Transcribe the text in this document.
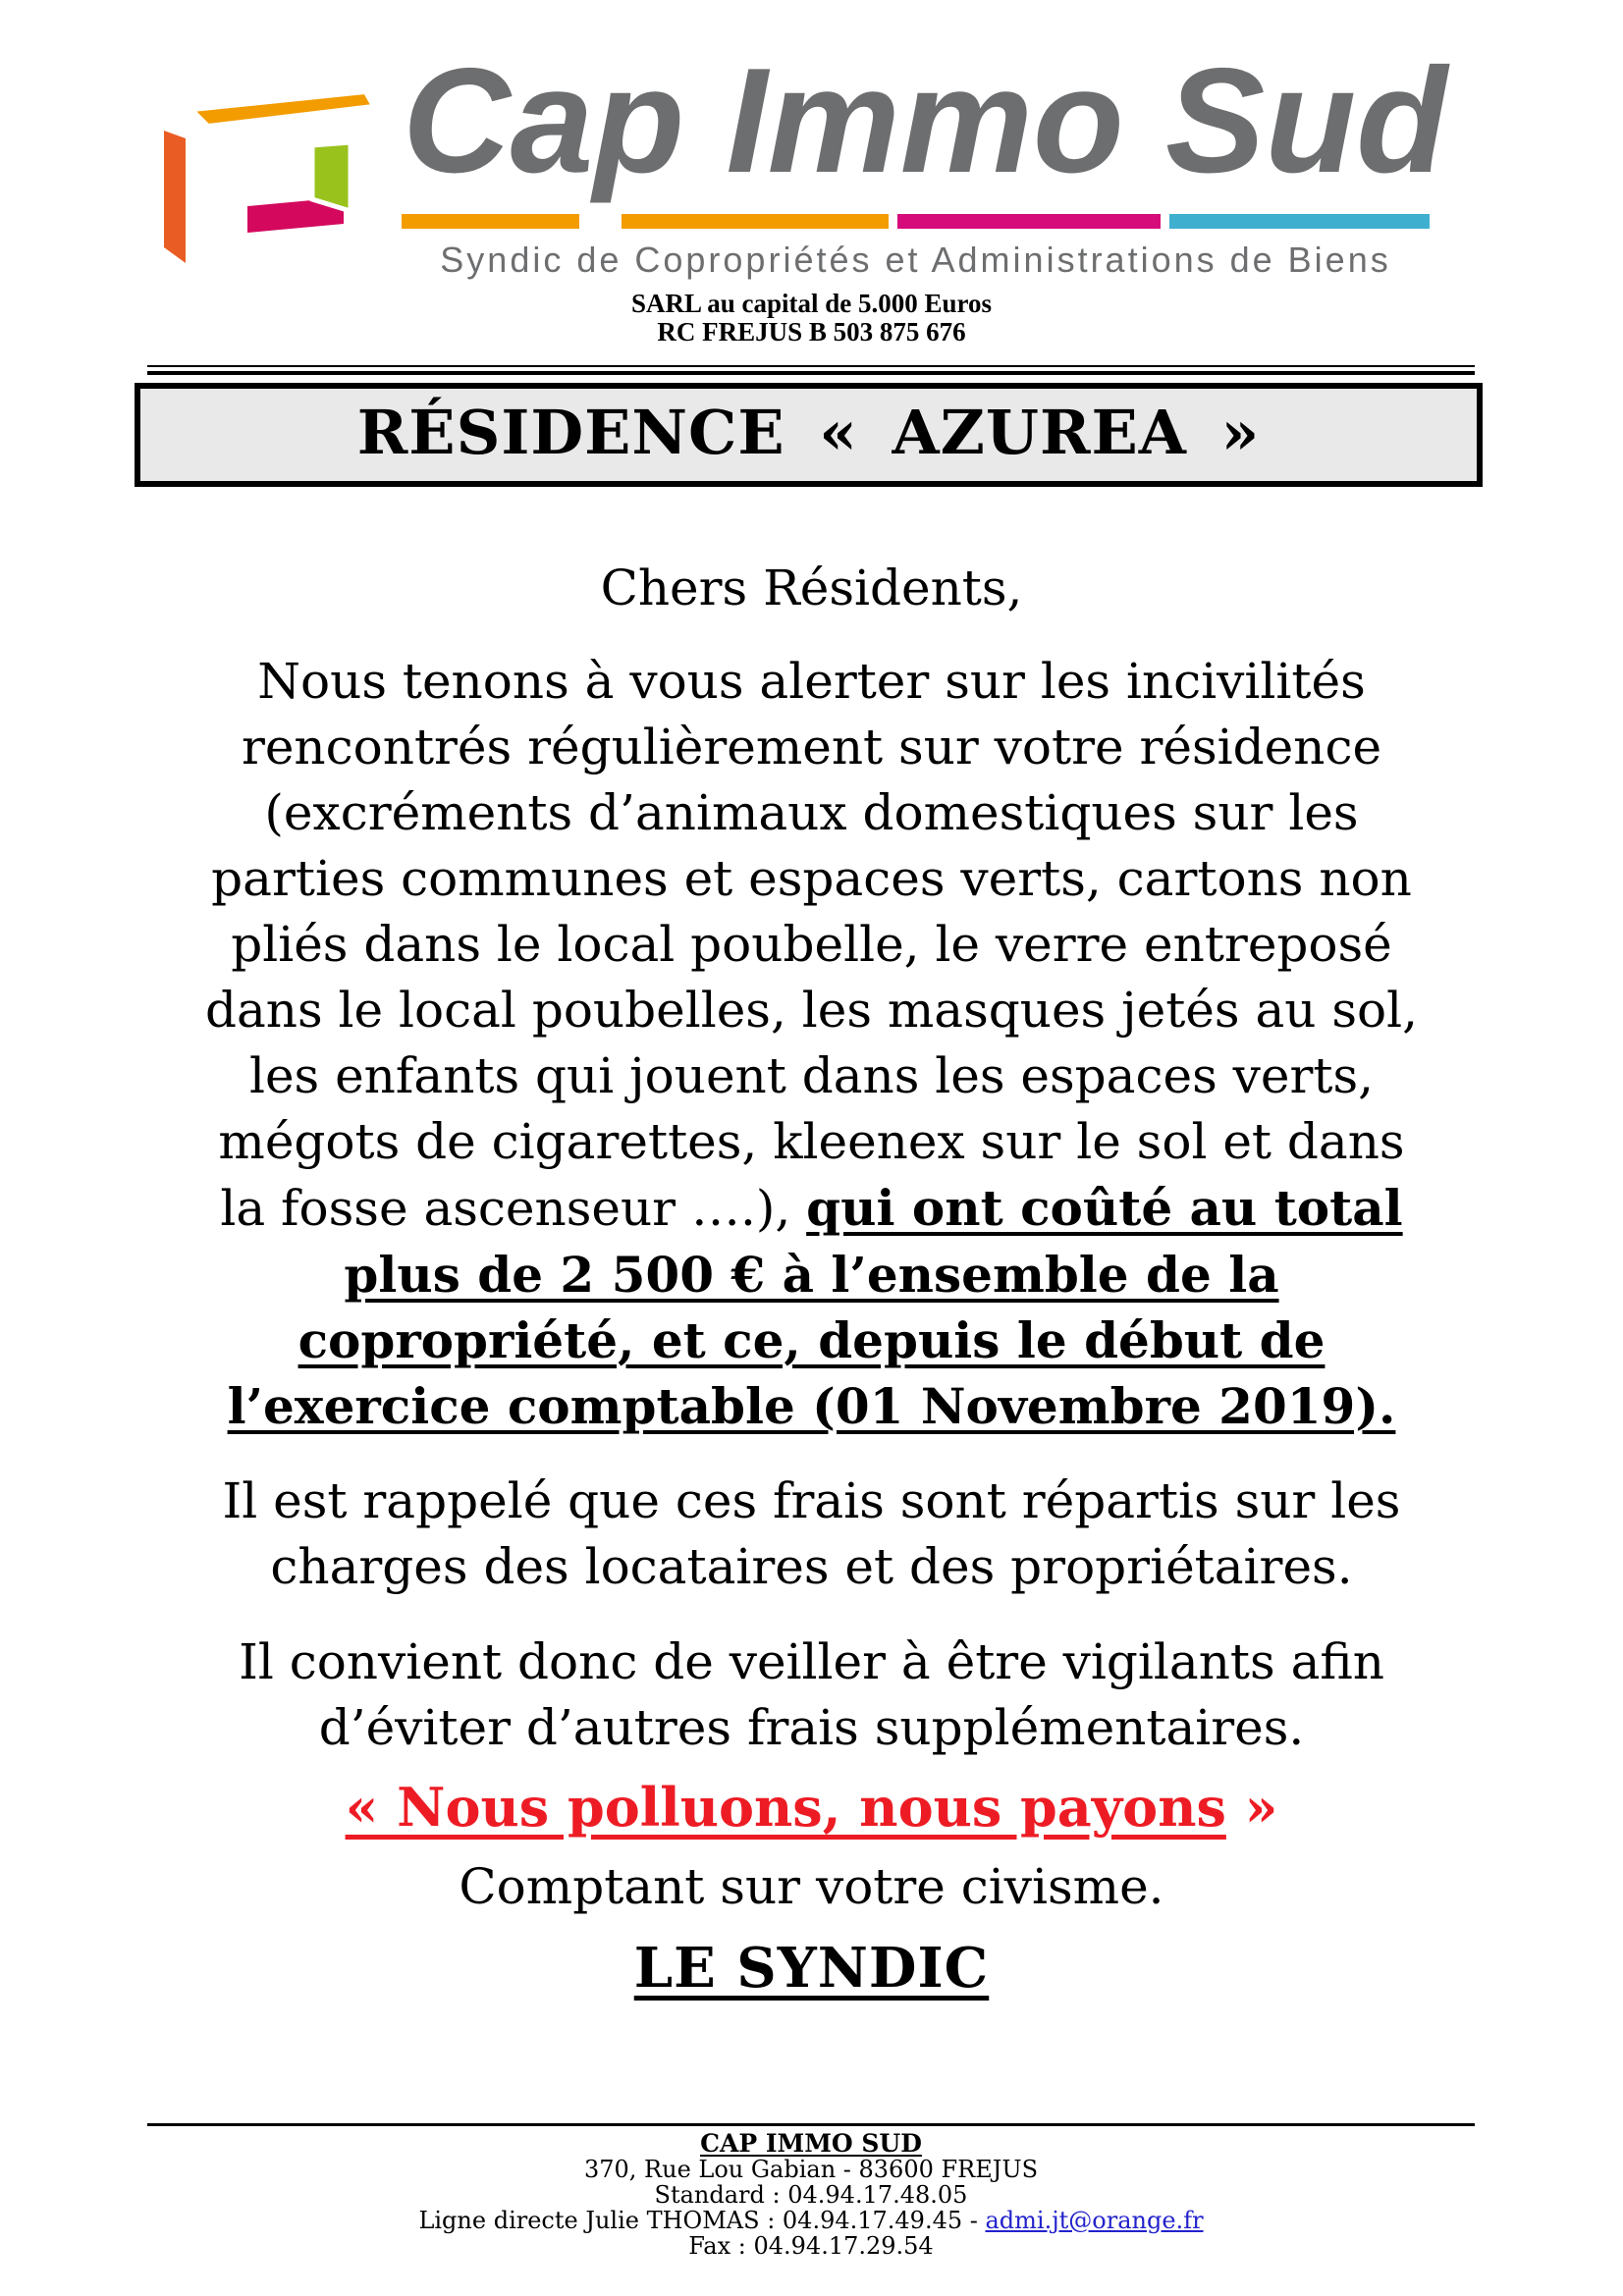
Cap Immo Sud
Syndic de Copropriétés et Administrations de Biens
SARL au capital de 5.000 Euros
RC FREJUS B 503 875 676
RÉSIDENCE « AZUREA »
Chers Résidents,
Nous tenons à vous alerter sur les incivilités
rencontrés régulièrement sur votre résidence
(excréments d’animaux domestiques sur les
parties communes et espaces verts, cartons non
pliés dans le local poubelle, le verre entreposé
dans le local poubelles, les masques jetés au sol,
les enfants qui jouent dans les espaces verts,
mégots de cigarettes, kleenex sur le sol et dans
la fosse ascenseur ….), qui ont coûté au total
plus de 2 500 € à l’ensemble de la
copropriété, et ce, depuis le début de
l’exercice comptable (01 Novembre 2019).
Il est rappelé que ces frais sont répartis sur les
charges des locataires et des propriétaires.
Il convient donc de veiller à être vigilants afin
d’éviter d’autres frais supplémentaires.
« Nous polluons, nous payons »
Comptant sur votre civisme.
LE SYNDIC
CAP IMMO SUD
370, Rue Lou Gabian - 83600 FREJUS
Standard : 04.94.17.48.05
Ligne directe Julie THOMAS : 04.94.17.49.45 - admi.jt@orange.fr
Fax : 04.94.17.29.54
